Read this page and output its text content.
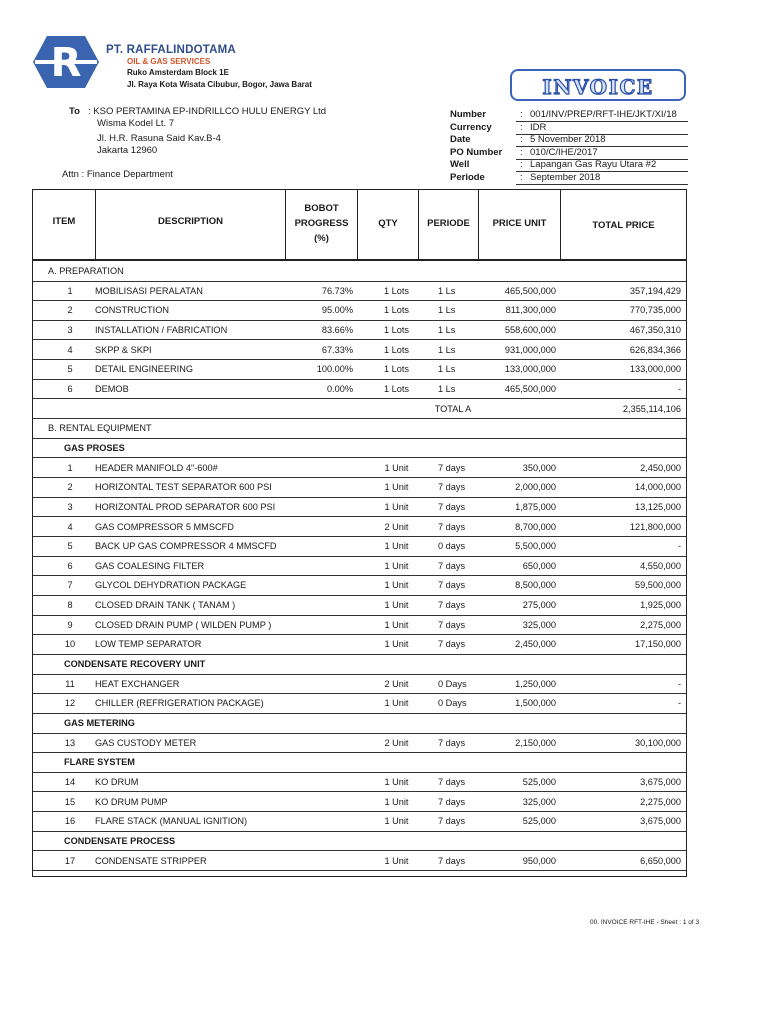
R PT. RAFFALINDOTAMA
OIL & GAS SERVICES
Ruko Amsterdam Block 1E
Jl. Raya Kota Wisata Cibubur, Bogor, Jawa Barat	INVOICE
To : KSO PERTAMINA EP-INDRILLCO HULU ENERGY Ltd
Wisma Kodel Lt. 7
Jl. H.R. Rasuna Said Kav.B-4
Jakarta 12960
Attn : Finance Department
Number	: 001/INV/PREP/RFT-IHE/JKT/XI/18
Currency	: IDR
Date	: 5 November 2018
PO Number : 010/C/IHE/2017
Well	: Lapangan Gas Rayu Utara #2
Periode	: September 2018
ITEM	DESCRIPTION
BOBOT
PROGRESS
(%)
QTY	PERIODE	PRICE UNIT	TOTAL PRICE
A. PREPARATION
1	MOBILISASI PERALATAN	76.73%	1 Lots	1 Ls	465,500,000	357,194,429
2	CONSTRUCTION	95.00%	1 Lots	1 Ls	811,300,000	770,735,000
3	INSTALLATION / FABRICATION	83.66%	1 Lots	1 Ls	558,600,000	467,350,310
4	SKPP & SKPI	67.33%	1 Lots	1 Ls	931,000,000	626,834,366
5	DETAIL ENGINEERING	100.00%	1 Lots	1 Ls	133,000,000	133,000,000
6	DEMOB	0.00%	1 Lots	1 Ls	465,500,000	-
TOTAL A	2,355,114,106
B. RENTAL EQUIPMENT
GAS PROSES
1	HEADER MANIFOLD 4"-600#	1 Unit	7 days	350,000	2,450,000
2	HORIZONTAL TEST SEPARATOR 600 PSI	1 Unit	7 days	2,000,000	14,000,000
3	HORIZONTAL PROD SEPARATOR 600 PSI	1 Unit	7 days	1,875,000	13,125,000
4	GAS COMPRESSOR 5 MMSCFD	2 Unit	7 days	8,700,000	121,800,000
5	BACK UP GAS COMPRESSOR 4 MMSCFD	1 Unit	0 days	5,500,000	-
6	GAS COALESING FILTER	1 Unit	7 days	650,000	4,550,000
7	GLYCOL DEHYDRATION PACKAGE	1 Unit	7 days	8,500,000	59,500,000
8	CLOSED DRAIN TANK ( TANAM )	1 Unit	7 days	275,000	1,925,000
9	CLOSED DRAIN PUMP ( WILDEN PUMP )	1 Unit	7 days	325,000	2,275,000
10	LOW TEMP SEPARATOR	1 Unit	7 days	2,450,000	17,150,000
CONDENSATE RECOVERY UNIT
11	HEAT EXCHANGER	2 Unit	0 Days	1,250,000	-
12	CHILLER (REFRIGERATION PACKAGE)	1 Unit	0 Days	1,500,000	-
GAS METERING
13	GAS CUSTODY METER	2 Unit	7 days	2,150,000	30,100,000
FLARE SYSTEM
14	KO DRUM	1 Unit	7 days	525,000	3,675,000
15	KO DRUM PUMP	1 Unit	7 days	325,000	2,275,000
16	FLARE STACK (MANUAL IGNITION)	1 Unit	7 days	525,000	3,675,000
CONDENSATE PROCESS
17	CONDENSATE STRIPPER	1 Unit	7 days	950,000	6,650,000
00. INVOICE RFT-IHE - Sheet : 1 of 3
